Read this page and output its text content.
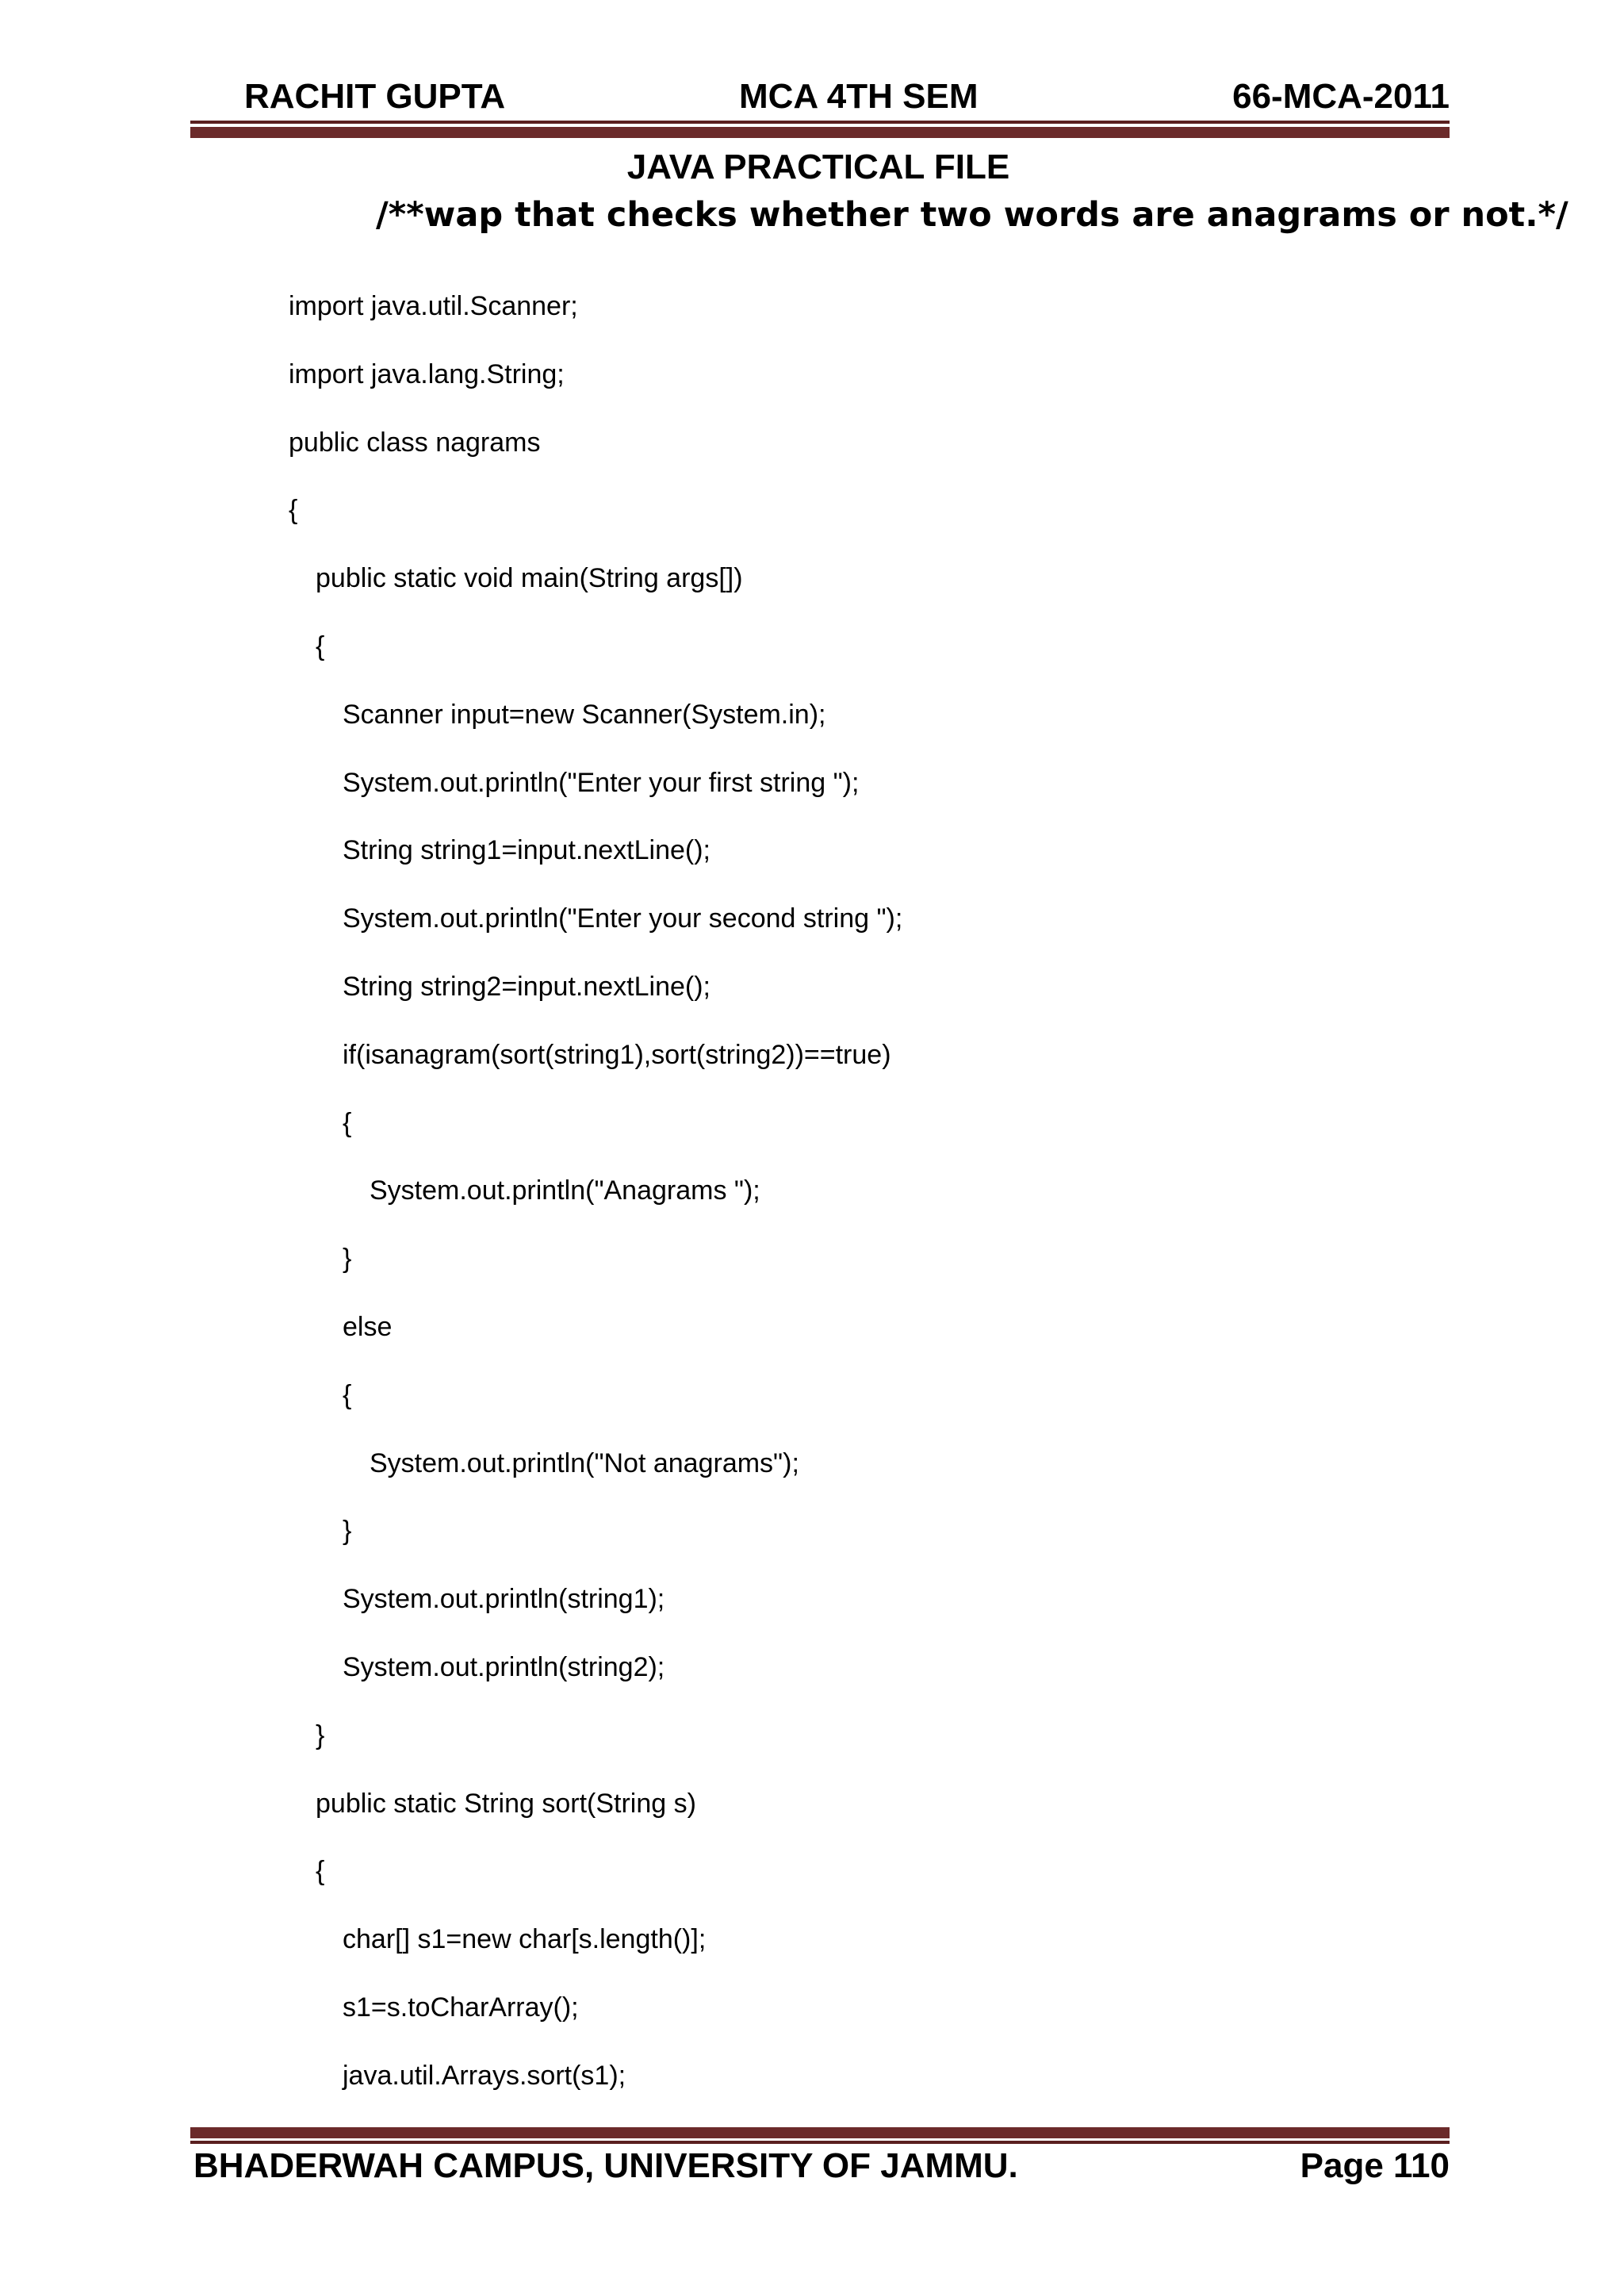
RACHIT GUPTA	MCA 4TH SEM	66-MCA-2011
JAVA PRACTICAL FILE
/**wap that checks whether two words are anagrams or not.*/
import java.util.Scanner;
import java.lang.String;
public class nagrams
{
public static void main(String args[])
{
Scanner input=new Scanner(System.in);
System.out.println("Enter your first string ");
String string1=input.nextLine();
System.out.println("Enter your second string ");
String string2=input.nextLine();
if(isanagram(sort(string1),sort(string2))==true)
{
System.out.println("Anagrams ");
}
else
{
System.out.println("Not anagrams");
}
System.out.println(string1);
System.out.println(string2);
}
public static String sort(String s)
{
char[] s1=new char[s.length()];
s1=s.toCharArray();
java.util.Arrays.sort(s1);
BHADERWAH CAMPUS, UNIVERSITY OF JAMMU.	Page 110
